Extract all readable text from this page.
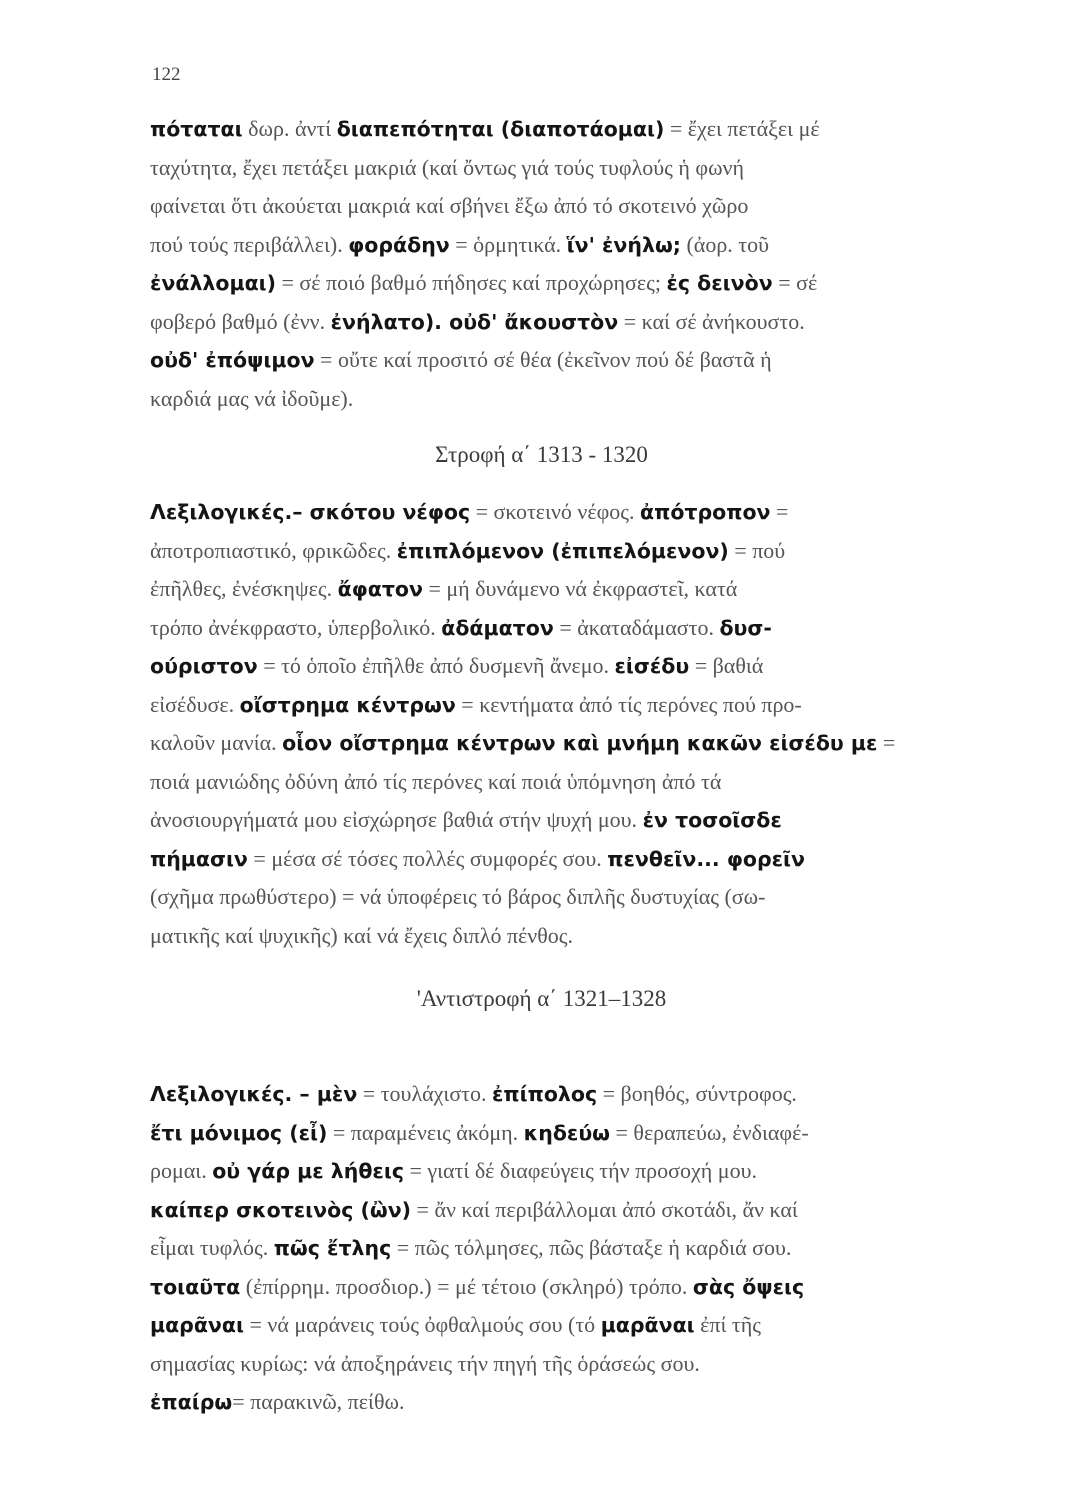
122
πόταται δωρ. ἀντί διαπεπότηται (διαποτάομαι) = ἔχει πετάξει μέ
ταχύτητα, ἔχει πετάξει μακριά (καί ὄντως γιά τούς τυφλούς ἡ φωνή
φαίνεται ὅτι ἀκούεται μακριά καί σβήνει ἔξω ἀπό τό σκοτεινό χῶρο
πού τούς περιβάλλει). φοράδην = ὁρμητικά. ἵν' ἐνήλω; (ἀορ. τοῦ
ἐνάλλομαι) = σέ ποιό βαθμό πήδησες καί προχώρησες; ἐς δεινὸν = σέ
φοβερό βαθμό (ἐνν. ἐνήλατο). οὐδ' ἄκουστὸν = καί σέ ἀνήκουστο.
οὐδ' ἐπόψιμον = οὔτε καί προσιτό σέ θέα (ἐκεῖνον πού δέ βαστᾶ ἡ
καρδιά μας νά ἰδοῦμε).
Στροφή α΄ 1313 - 1320
Λεξιλογικές.– σκότου νέφος = σκοτεινό νέφος. ἀπότροπον =
ἀποτροπιαστικό, φρικῶδες. ἐπιπλόμενον (ἐπιπελόμενον) = πού
ἐπῆλθες, ἐνέσκηψες. ἄφατον = μή δυνάμενο νά ἐκφραστεῖ, κατά
τρόπο ἀνέκφραστο, ὑπερβολικό. ἀδάματον = ἀκαταδάμαστο. δυσ-
ούριστον = τό ὁποῖο ἐπῆλθε ἀπό δυσμενῆ ἄνεμο. εἰσέδυ = βαθιά
εἰσέδυσε. οἴστρημα κέντρων = κεντήματα ἀπό τίς περόνες πού προ-
καλοῦν μανία. οἷον οἴστρημα κέντρων καὶ μνήμη κακῶν εἰσέδυ με =
ποιά μανιώδης ὀδύνη ἀπό τίς περόνες καί ποιά ὑπόμνηση ἀπό τά
ἀνοσιουργήματά μου εἰσχώρησε βαθιά στήν ψυχή μου. ἐν τοσοῖσδε
πήμασιν = μέσα σέ τόσες πολλές συμφορές σου. πενθεῖν... φορεῖν
(σχῆμα πρωθύστερο) = νά ὑποφέρεις τό βάρος διπλῆς δυστυχίας (σω-
ματικῆς καί ψυχικῆς) καί νά ἔχεις διπλό πένθος.
'Αντιστροφή α΄ 1321–1328
Λεξιλογικές. – μὲν = τουλάχιστο. ἐπίπολος = βοηθός, σύντροφος.
ἔτι μόνιμος (εἶ) = παραμένεις ἀκόμη. κηδεύω = θεραπεύω, ἐνδιαφέ-
ρομαι. οὐ γάρ με λήθεις = γιατί δέ διαφεύγεις τήν προσοχή μου.
καίπερ σκοτεινὸς (ὢν) = ἄν καί περιβάλλομαι ἀπό σκοτάδι, ἄν καί
εἶμαι τυφλός. πῶς ἔτλης = πῶς τόλμησες, πῶς βάσταξε ἡ καρδιά σου.
τοιαῦτα (ἐπίρρημ. προσδιορ.) = μέ τέτοιο (σκληρό) τρόπο. σὰς ὄψεις
μαρᾶναι = νά μαράνεις τούς ὀφθαλμούς σου (τό μαρᾶναι ἐπί τῆς
σημασίας κυρίως: νά ἀποξηράνεις τήν πηγή τῆς ὁράσεώς σου.
ἐπαίρω= παρακινῶ, πείθω.
